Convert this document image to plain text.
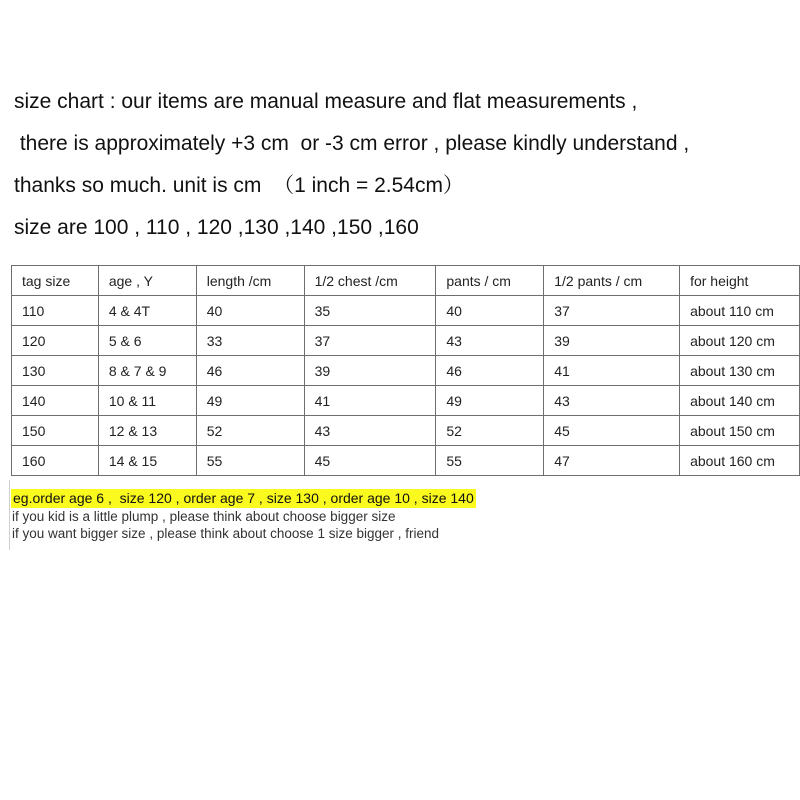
size chart : our items are manual measure and flat measurements ,
there is approximately +3 cm  or -3 cm error , please kindly understand ,
thanks so much. unit is cm  （1 inch = 2.54cm）
size are 100 , 110 , 120 ,130 ,140 ,150 ,160
tag size	age , Y	length /cm	1/2 chest /cm	pants / cm	1/2 pants / cm	for height
110	4 & 4T	40	35	40	37	about 110 cm
120	5 & 6	33	37	43	39	about 120 cm
130	8 & 7 & 9	46	39	46	41	about 130 cm
140	10 & 11	49	41	49	43	about 140 cm
150	12 & 13	52	43	52	45	about 150 cm
160	14 & 15	55	45	55	47	about 160 cm
eg.order age 6 ,  size 120 , order age 7 , size 130 , order age 10 , size 140
if you kid is a little plump , please think about choose bigger size
if you want bigger size , please think about choose 1 size bigger , friend
